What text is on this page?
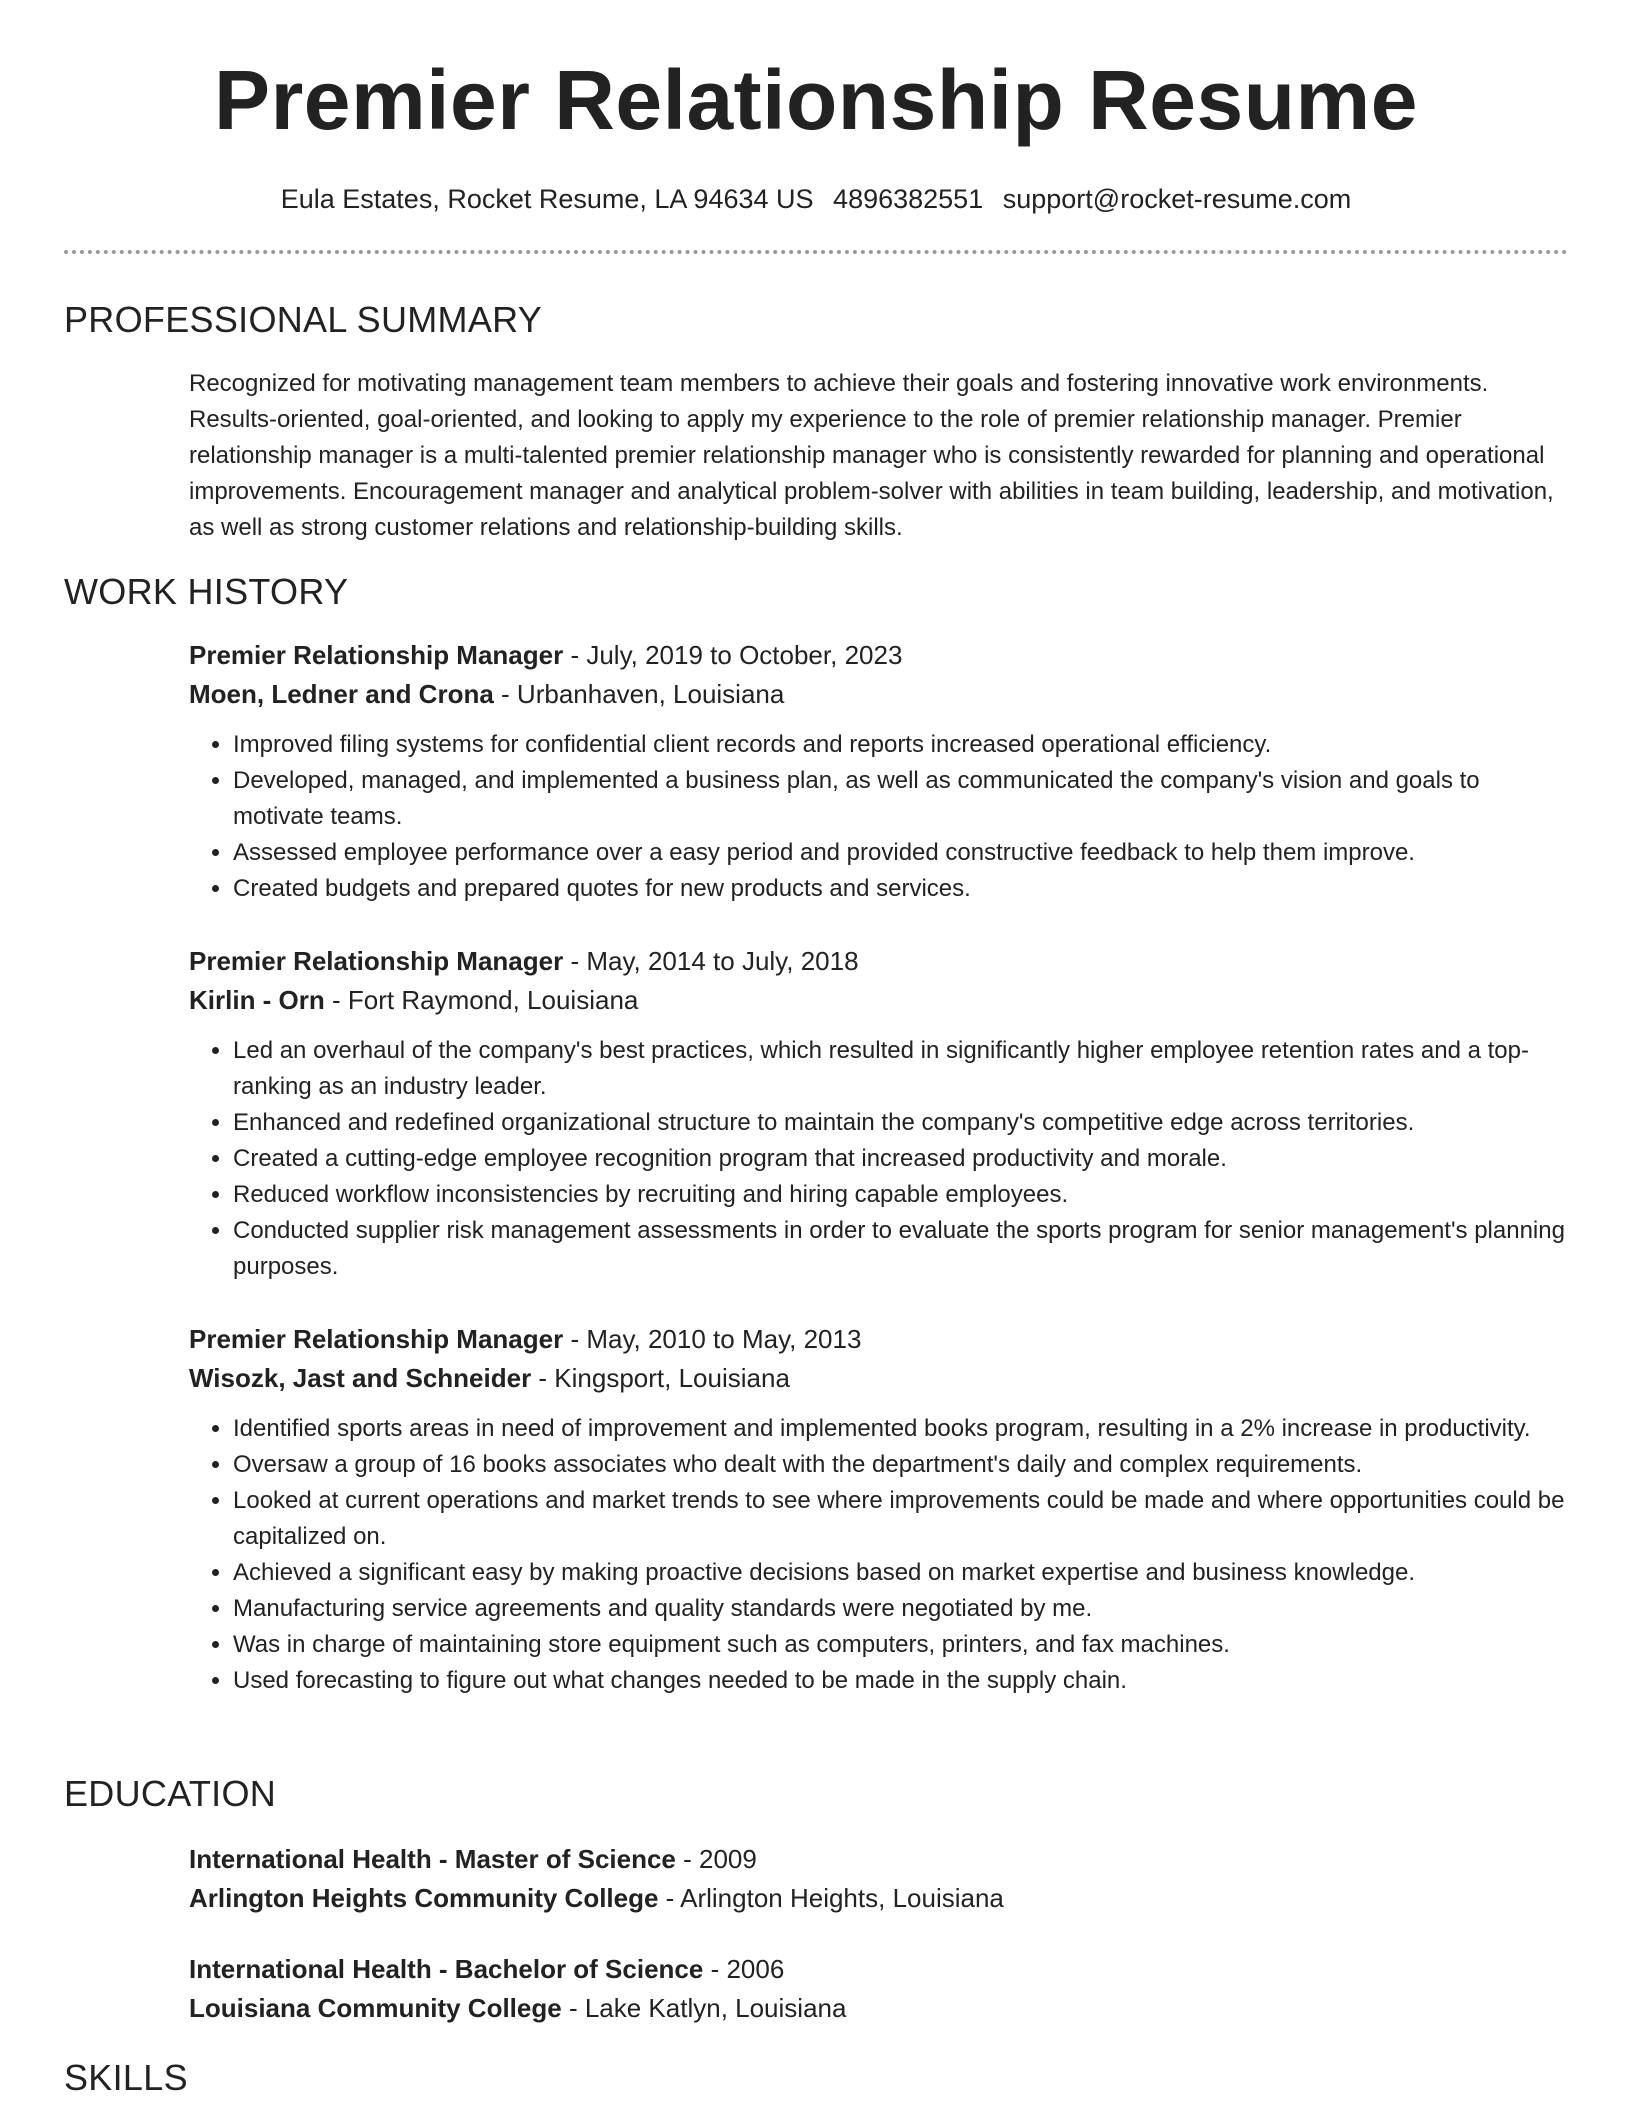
Premier Relationship Resume
Eula Estates, Rocket Resume, LA 94634 US 4896382551 support@rocket-resume.com
PROFESSIONAL SUMMARY
Recognized for motivating management team members to achieve their goals and fostering innovative work environments. Results-oriented, goal-oriented, and looking to apply my experience to the role of premier relationship manager. Premier relationship manager is a multi-talented premier relationship manager who is consistently rewarded for planning and operational improvements. Encouragement manager and analytical problem-solver with abilities in team building, leadership, and motivation, as well as strong customer relations and relationship-building skills.
WORK HISTORY
Premier Relationship Manager - July, 2019 to October, 2023
Moen, Ledner and Crona - Urbanhaven, Louisiana
• Improved filing systems for confidential client records and reports increased operational efficiency.
• Developed, managed, and implemented a business plan, as well as communicated the company's vision and goals to motivate teams.
• Assessed employee performance over a easy period and provided constructive feedback to help them improve.
• Created budgets and prepared quotes for new products and services.
Premier Relationship Manager - May, 2014 to July, 2018
Kirlin - Orn - Fort Raymond, Louisiana
• Led an overhaul of the company's best practices, which resulted in significantly higher employee retention rates and a top-ranking as an industry leader.
• Enhanced and redefined organizational structure to maintain the company's competitive edge across territories.
• Created a cutting-edge employee recognition program that increased productivity and morale.
• Reduced workflow inconsistencies by recruiting and hiring capable employees.
• Conducted supplier risk management assessments in order to evaluate the sports program for senior management's planning purposes.
Premier Relationship Manager - May, 2010 to May, 2013
Wisozk, Jast and Schneider - Kingsport, Louisiana
• Identified sports areas in need of improvement and implemented books program, resulting in a 2% increase in productivity.
• Oversaw a group of 16 books associates who dealt with the department's daily and complex requirements.
• Looked at current operations and market trends to see where improvements could be made and where opportunities could be capitalized on.
• Achieved a significant easy by making proactive decisions based on market expertise and business knowledge.
• Manufacturing service agreements and quality standards were negotiated by me.
• Was in charge of maintaining store equipment such as computers, printers, and fax machines.
• Used forecasting to figure out what changes needed to be made in the supply chain.
EDUCATION
International Health - Master of Science - 2009
Arlington Heights Community College - Arlington Heights, Louisiana
International Health - Bachelor of Science - 2006
Louisiana Community College - Lake Katlyn, Louisiana
SKILLS
